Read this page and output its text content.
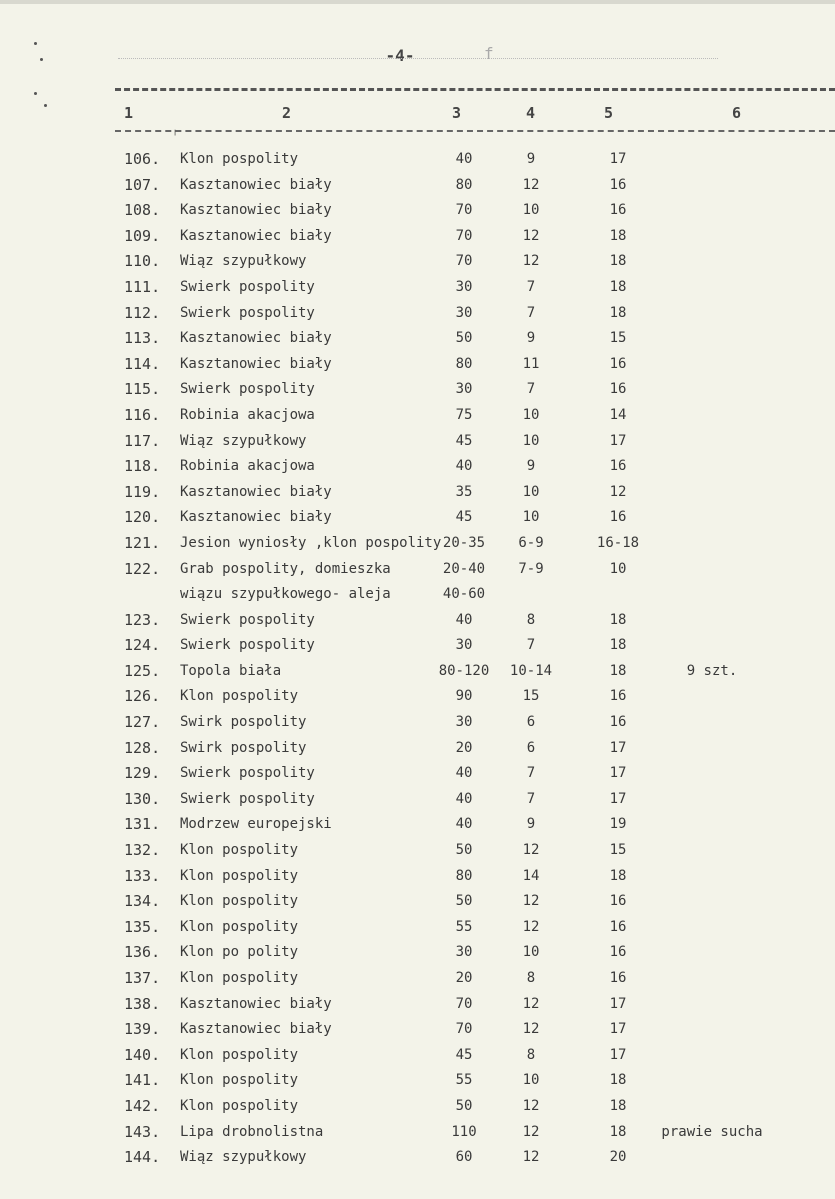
-4-	f
1	2	3	4	5	6
╷
106. Klon pospolity	40	9	17
107. Kasztanowiec biały	80	12	16
108. Kasztanowiec biały	70	10	16
109. Kasztanowiec biały	70	12	18
110. Wiąz szypułkowy	70	12	18
111. Swierk pospolity	30	7	18
112. Swierk pospolity	30	7	18
113. Kasztanowiec biały	50	9	15
114. Kasztanowiec biały	80	11	16
115. Swierk pospolity	30	7	16
116. Robinia akacjowa	75	10	14
117. Wiąz szypułkowy	45	10	17
118. Robinia akacjowa	40	9	16
119. Kasztanowiec biały	35	10	12
120. Kasztanowiec biały	45	10	16
121. Jesion wyniosły ,klon pospolity 20-35	6-9	16-18
122. Grab pospolity, domieszka	20-40	7-9	10
wiązu szypułkowego- aleja	40-60
123. Swierk pospolity	40	8	18
124. Swierk pospolity	30	7	18
125. Topola biała	80-120	10-14	18	9 szt.
126. Klon pospolity	90	15	16
127. Swirk pospolity	30	6	16
128. Swirk pospolity	20	6	17
129. Swierk pospolity	40	7	17
130. Swierk pospolity	40	7	17
131. Modrzew europejski	40	9	19
132. Klon pospolity	50	12	15
133. Klon pospolity	80	14	18
134. Klon pospolity	50	12	16
135. Klon pospolity	55	12	16
136. Klon po polity	30	10	16
137. Klon pospolity	20	8	16
138. Kasztanowiec biały	70	12	17
139. Kasztanowiec biały	70	12	17
140. Klon pospolity	45	8	17
141. Klon pospolity	55	10	18
142. Klon pospolity	50	12	18
143. Lipa drobnolistna	110	12	18	prawie sucha
144. Wiąz szypułkowy	60	12	20
